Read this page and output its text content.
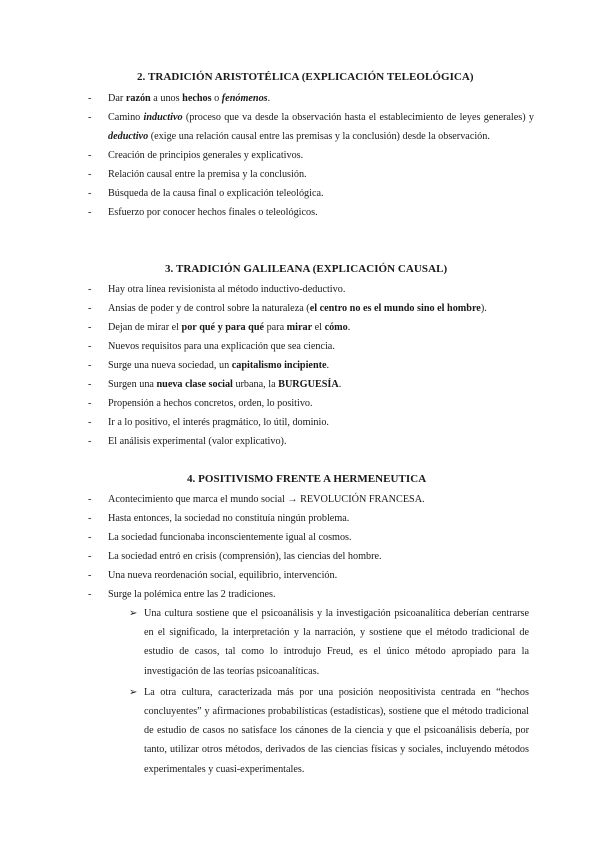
2. TRADICIÓN ARISTOTÉLICA (EXPLICACIÓN TELEOLÓGICA)
- Dar razón a unos hechos o fenómenos.
- Camino inductivo (proceso que va desde la observación hasta el establecimiento de leyes generales) y deductivo (exige una relación causal entre las premisas y la conclusión) desde la observación.
- Creación de principios generales y explicativos.
- Relación causal entre la premisa y la conclusión.
- Búsqueda de la causa final o explicación teleológica.
- Esfuerzo por conocer hechos finales o teleológicos.
3. TRADICIÓN GALILEANA (EXPLICACIÓN CAUSAL)
- Hay otra línea revisionista al método inductivo-deductivo.
- Ansias de poder y de control sobre la naturaleza (el centro no es el mundo sino el hombre).
- Dejan de mirar el por qué y para qué para mirar el cómo.
- Nuevos requisitos para una explicación que sea ciencia.
- Surge una nueva sociedad, un capitalismo incipiente.
- Surgen una nueva clase social urbana, la BURGUESÍA.
- Propensión a hechos concretos, orden, lo positivo.
- Ir a lo positivo, el interés pragmático, lo útil, dominio.
- El análisis experimental (valor explicativo).
4. POSITIVISMO FRENTE A HERMENEUTICA
- Acontecimiento que marca el mundo social → REVOLUCIÓN FRANCESA.
- Hasta entonces, la sociedad no constituía ningún problema.
- La sociedad funcionaba inconscientemente igual al cosmos.
- La sociedad entró en crisis (comprensión), las ciencias del hombre.
- Una nueva reordenación social, equilibrio, intervención.
- Surge la polémica entre las 2 tradiciones.
➢ Una cultura sostiene que el psicoanálisis y la investigación psicoanalítica deberían centrarse en el significado, la interpretación y la narración, y sostiene que el método tradicional de estudio de casos, tal como lo introdujo Freud, es el único método apropiado para la investigación de las teorías psicoanalíticas.
➢ La otra cultura, caracterizada más por una posición neopositivista centrada en “hechos concluyentes” y afirmaciones probabilísticas (estadísticas), sostiene que el método tradicional de estudio de casos no satisface los cánones de la ciencia y que el psicoanálisis debería, por tanto, utilizar otros métodos, derivados de las ciencias físicas y sociales, incluyendo métodos experimentales y cuasi-experimentales.
